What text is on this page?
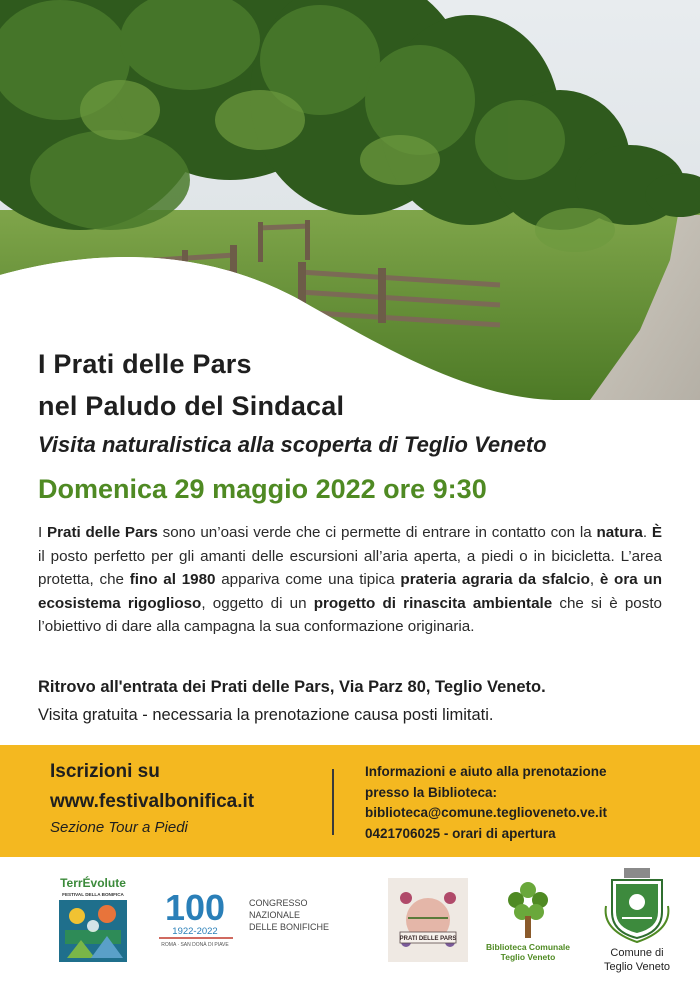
I Prati delle Pars
nel Paludo del Sindacal
Visita naturalistica alla scoperta di Teglio Veneto
Domenica 29 maggio 2022 ore 9:30
I Prati delle Pars sono un’oasi verde che ci permette di entrare in contatto con la natura. È il posto perfetto per gli amanti delle escursioni all’aria aperta, a piedi o in bicicletta. L’area protetta, che fino al 1980 appariva come una tipica prateria agraria da sfalcio, è ora un ecosistema rigoglioso, oggetto di un progetto di rinascita ambientale che si è posto l’obiettivo di dare alla campagna la sua conformazione originaria.
Ritrovo all'entrata dei Prati delle Pars, Via Parz 80, Teglio Veneto.
Visita gratuita - necessaria la prenotazione causa posti limitati.
Iscrizioni su
www.festivalbonifica.it
Sezione Tour a Piedi
Informazioni e aiuto alla prenotazione
presso la Biblioteca:
biblioteca@comune.teglioveneto.ve.it
0421706025 - orari di apertura
TerrÉvolute
FESTIVAL DELLA BONIFICA 100
1922-2022
ROMA · SAN DONÀ DI PIAVE
CONGRESSO
NAZIONALE
DELLE BONIFICHE
PRATI DELLE PARS
Biblioteca Comunale
Teglio Veneto	Comune di
Teglio Veneto
